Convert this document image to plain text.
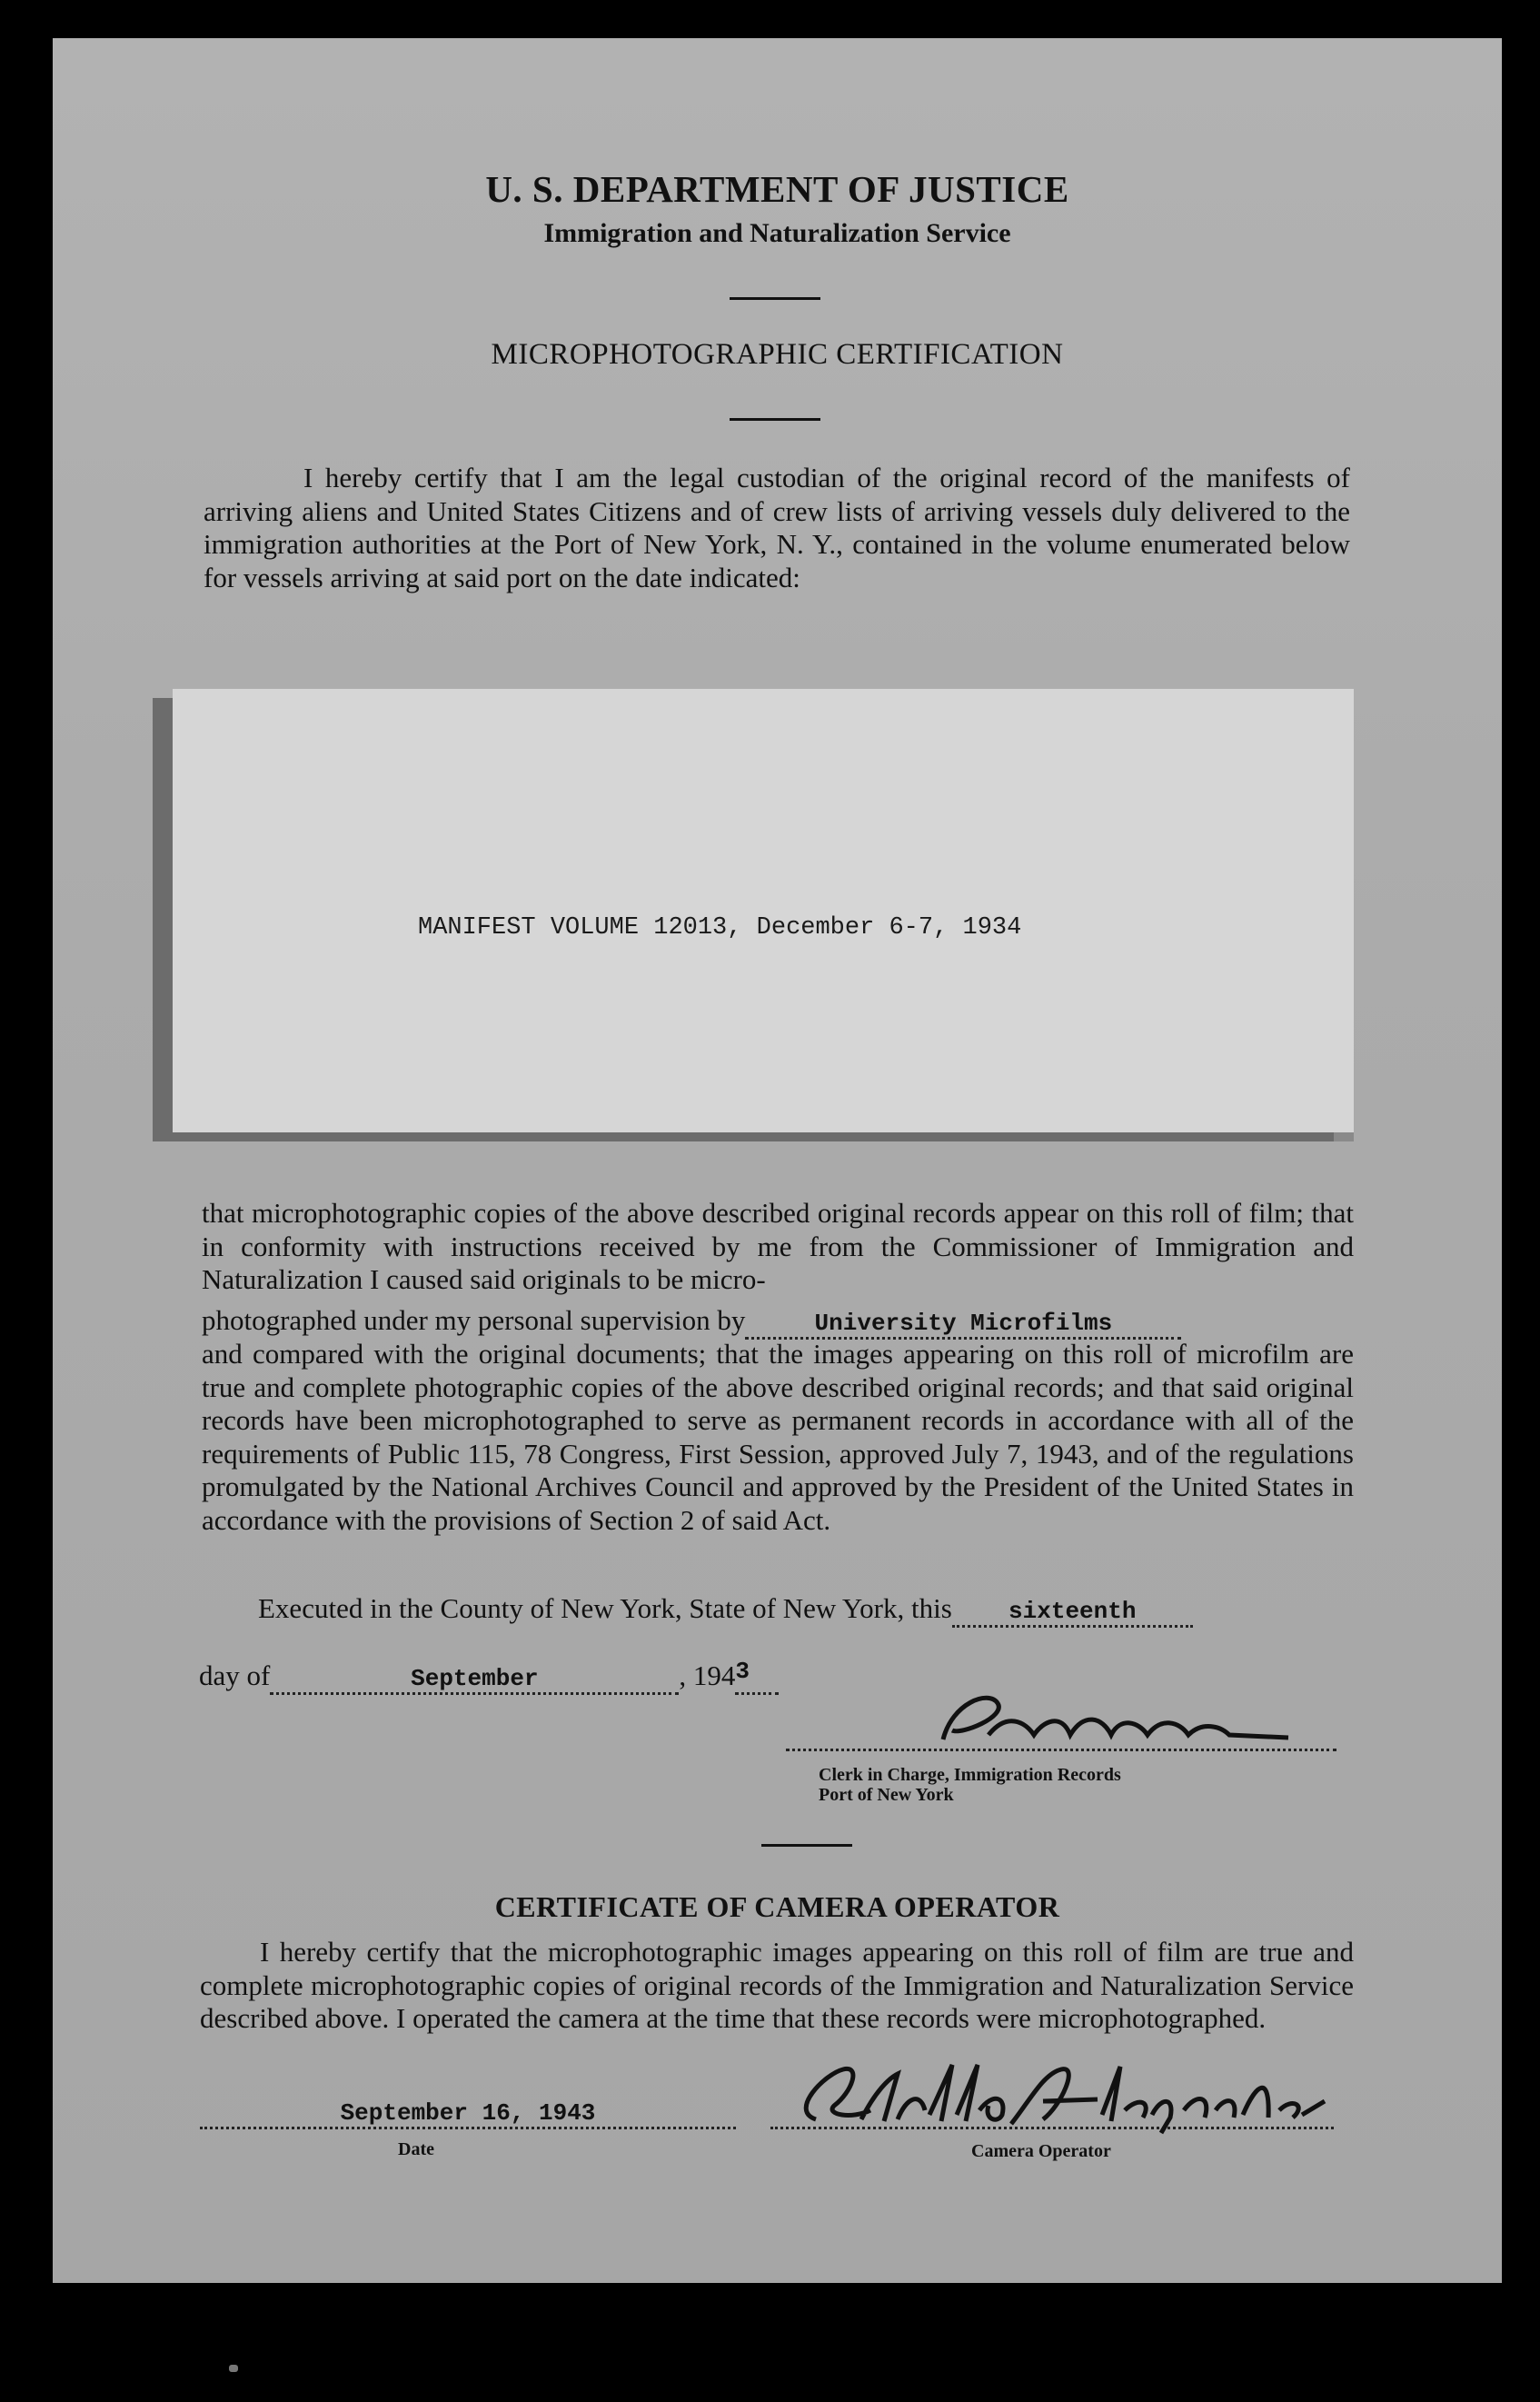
U. S. DEPARTMENT OF JUSTICE
Immigration and Naturalization Service
MICROPHOTOGRAPHIC CERTIFICATION

I hereby certify that I am the legal custodian of the original record of the manifests of arriving aliens and United States Citizens and of crew lists of arriving vessels duly delivered to the immigration authorities at the Port of New York, N. Y., contained in the volume enumerated below for vessels arriving at said port on the date indicated:

MANIFEST VOLUME 12013, December 6-7, 1934

that microphotographic copies of the above described original records appear on this roll of film; that in conformity with instructions received by me from the Commissioner of Immigration and Naturalization I caused said originals to be micro-

photographed under my personal supervision by	University Microfilms

and compared with the original documents; that the images appearing on this roll of microfilm are true and complete photographic copies of the above described original records; and that said original records have been microphotographed to serve as permanent records in accordance with all of the requirements of Public 115, 78 Congress, First Session, approved July 7, 1943, and of the regulations promulgated by the National Archives Council and approved by the President of the United States in accordance with the provisions of Section 2 of said Act.

Executed in the County of New York, State of New York, this sixteenth
day of	September	, $194^3$
Clerk in Charge, Immigration Records
Port of New York
CERTIFICATE OF CAMERA OPERATOR

I hereby certify that the microphotographic images appearing on this roll of film are true and complete microphotographic copies of original records of the Immigration and Naturalization Service described above. I operated the camera at the time that these records were microphotographed.

September 16, 1943
Date	Camera Operator
